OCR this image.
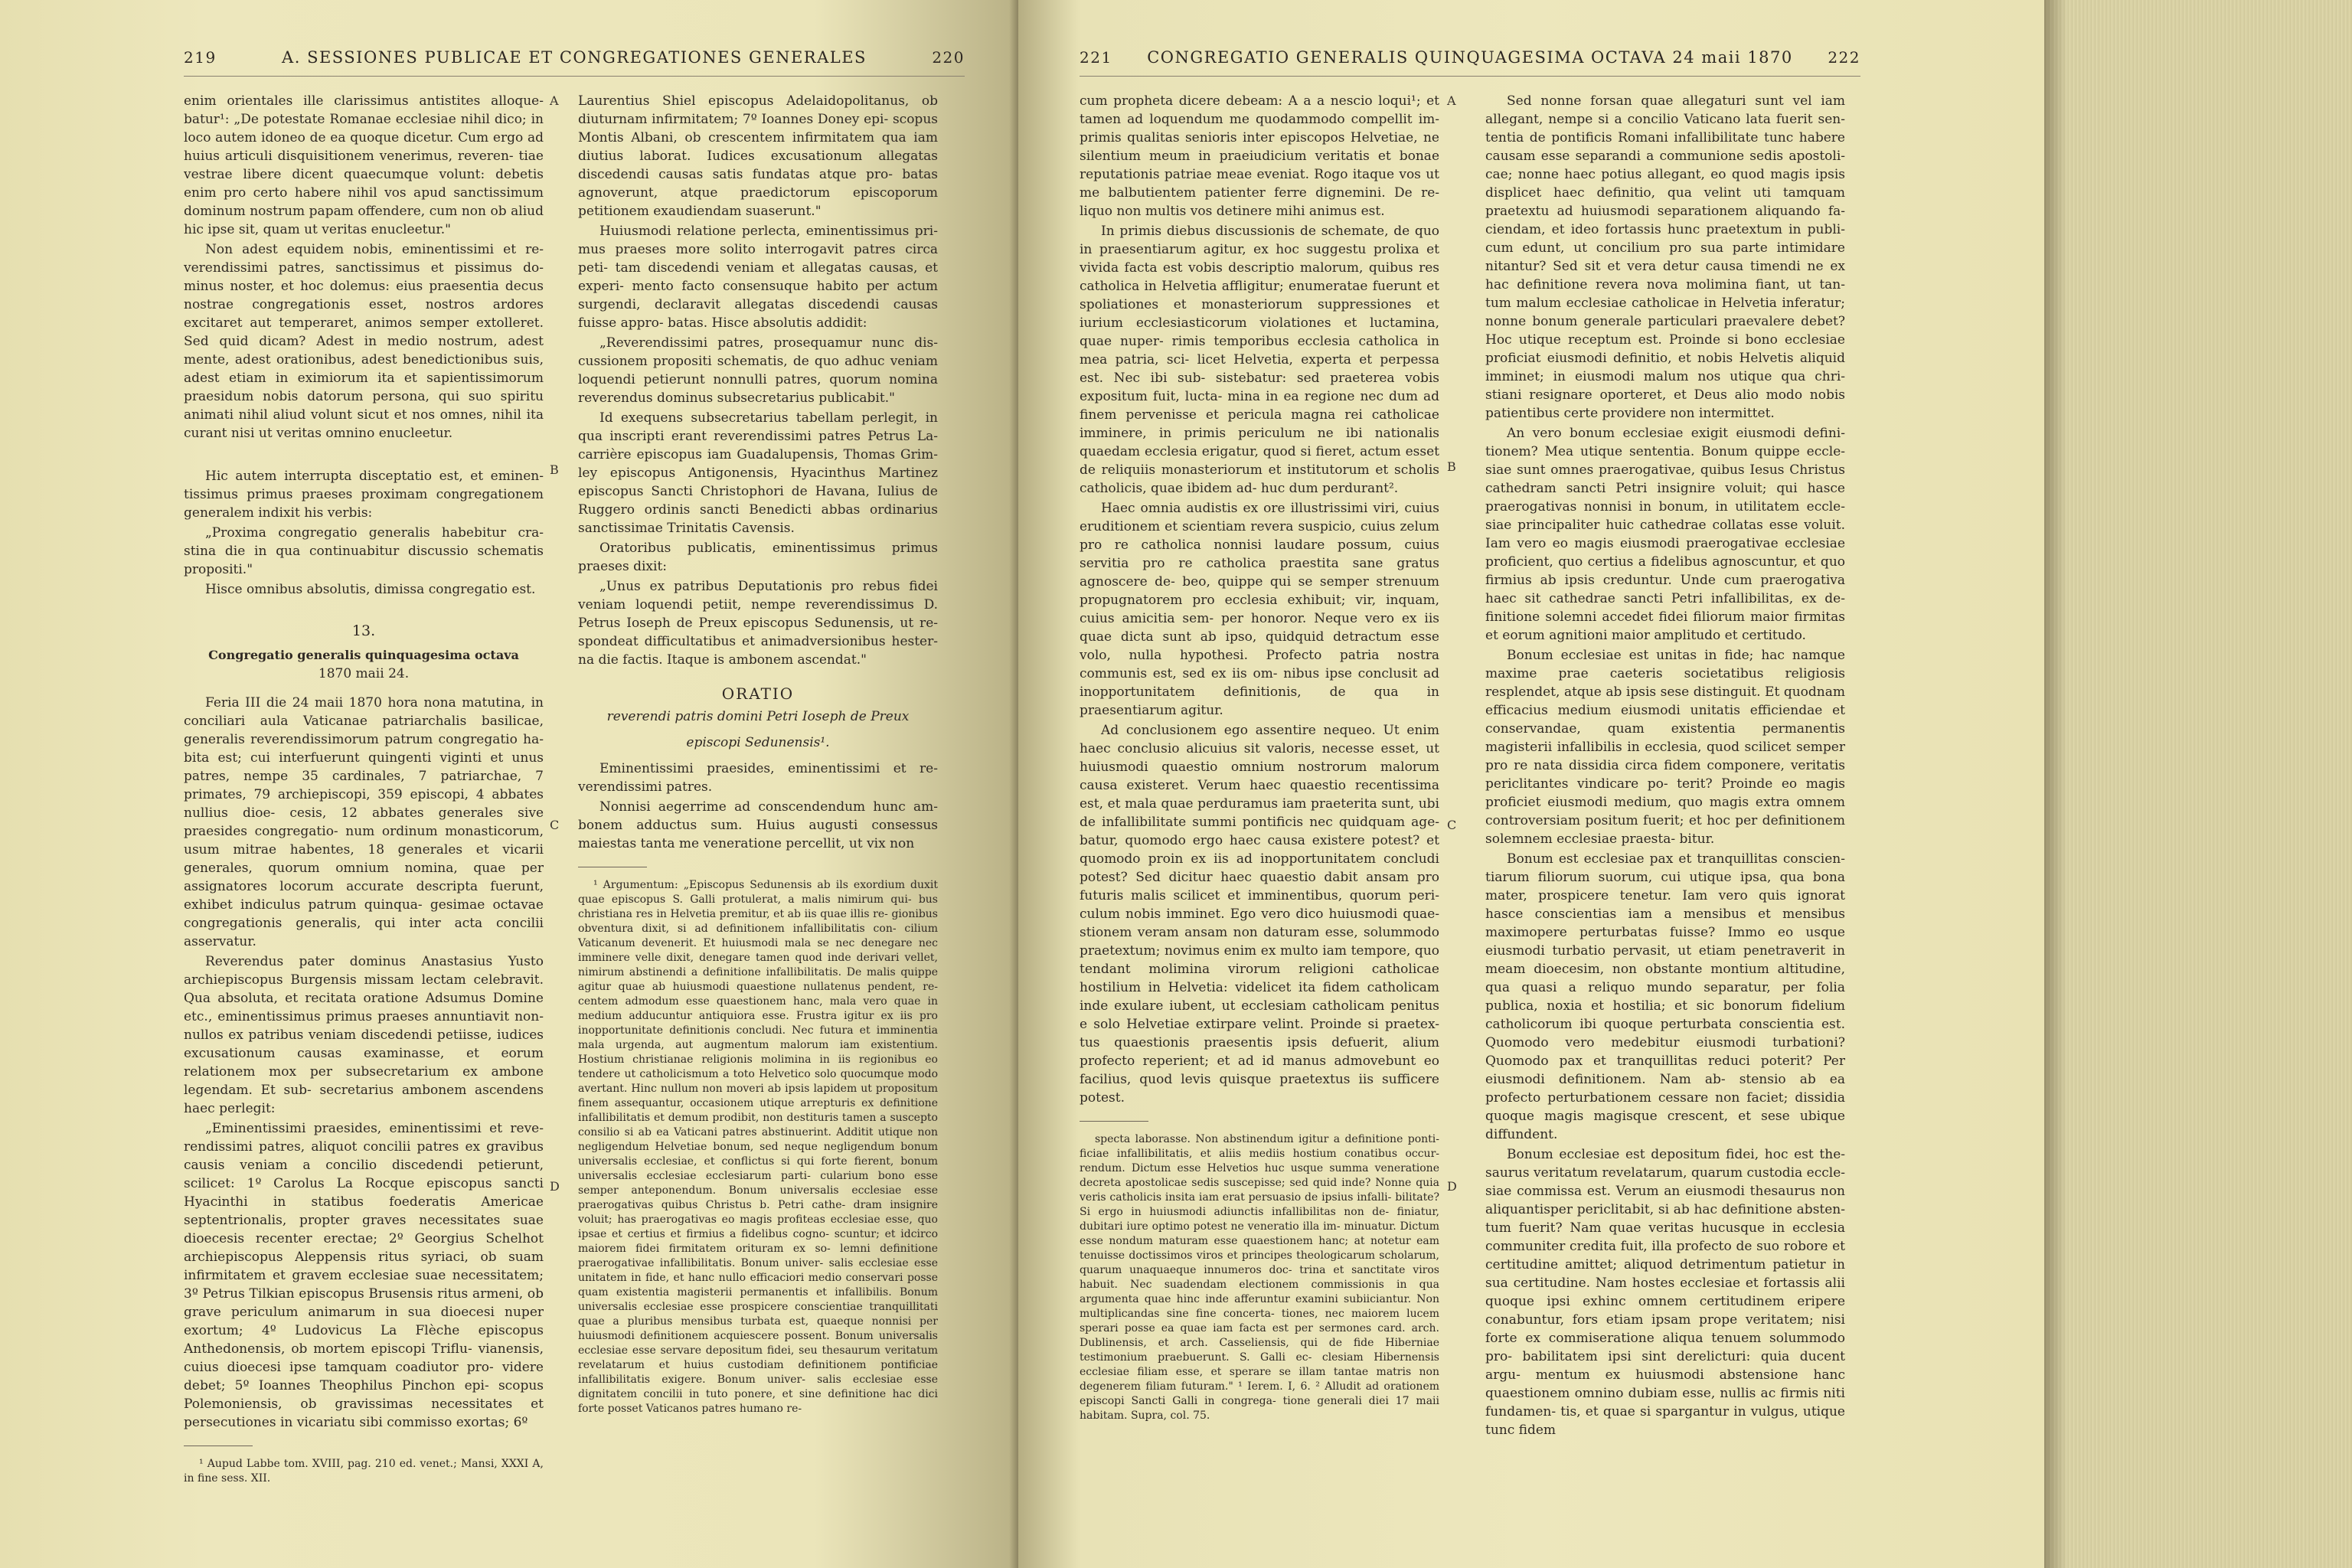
219	A. SESSIONES PUBLICAE ET CONGREGATIONES GENERALES	220

enim orientales ille clarissimus antistites alloque- batur¹: „De potestate Romanae ecclesiae nihil dico; in loco autem idoneo de ea quoque dicetur. Cum ergo ad huius articuli disquisitionem venerimus, reveren- tiae vestrae libere dicent quaecumque volunt: debetis enim pro certo habere nihil vos apud sanctissimum dominum nostrum papam offendere, cum non ob aliud hic ipse sit, quam ut veritas enucleetur."

Non adest equidem nobis, eminentissimi et re- verendissimi patres, sanctissimus et pissimus do- minus noster, et hoc dolemus: eius praesentia decus nostrae congregationis esset, nostros ardores excitaret aut temperaret, animos semper extolleret. Sed quid dicam? Adest in medio nostrum, adest mente, adest orationibus, adest benedictionibus suis, adest etiam in eximiorum ita et sapientissimorum praesidum nobis datorum persona, qui suo spiritu animati nihil aliud volunt sicut et nos omnes, nihil ita curant nisi ut veritas omnino enucleetur.

Hic autem interrupta disceptatio est, et eminen- tissimus primus praeses proximam congregationem generalem indixit his verbis:

„Proxima congregatio generalis habebitur cra- stina die in qua continuabitur discussio schematis propositi."

Hisce omnibus absolutis, dimissa congregatio est.

13.
Congregatio generalis quinquagesima octava
1870 maii 24.

Feria III die 24 maii 1870 hora nona matutina, in conciliari aula Vaticanae patriarchalis basilicae, generalis reverendissimorum patrum congregatio ha- bita est; cui interfuerunt quingenti viginti et unus patres, nempe 35 cardinales, 7 patriarchae, 7 primates, 79 archiepiscopi, 359 episcopi, 4 abbates nullius dioe- cesis, 12 abbates generales sive praesides congregatio- num ordinum monasticorum, usum mitrae habentes, 18 generales et vicarii generales, quorum omnium nomina, quae per assignatores locorum accurate descripta fuerunt, exhibet indiculus patrum quinqua- gesimae octavae congregationis generalis, qui inter acta concilii asservatur.

Reverendus pater dominus Anastasius Yusto archiepiscopus Burgensis missam lectam celebravit. Qua absoluta, et recitata oratione Adsumus Domine etc., eminentissimus primus praeses annuntiavit non- nullos ex patribus veniam discedendi petiisse, iudices excusationum causas examinasse, et eorum relationem mox per subsecretarium ex ambone legendam. Et sub- secretarius ambonem ascendens haec perlegit:

„Eminentissimi praesides, eminentissimi et reve- rendissimi patres, aliquot concilii patres ex gravibus causis veniam a concilio discedendi petierunt, scilicet: 1º Carolus La Rocque episcopus sancti Hyacinthi in statibus foederatis Americae septentrionalis, propter graves necessitates suae dioecesis recenter erectae; 2º Georgius Schelhot archiepiscopus Aleppensis ritus syriaci, ob suam infirmitatem et gravem ecclesiae suae necessitatem; 3º Petrus Tilkian episcopus Brusensis ritus armeni, ob grave periculum animarum in sua dioecesi nuper exortum; 4º Ludovicus La Flèche episcopus Anthedonensis, ob mortem episcopi Triflu- vianensis, cuius dioecesi ipse tamquam coadiutor pro- videre debet; 5º Ioannes Theophilus Pinchon epi- scopus Polemoniensis, ob gravissimas necessitates et persecutiones in vicariatu sibi commisso exortas; 6º

¹ Aupud Labbe tom. XVIII, pag. 210 ed. venet.; Mansi, XXXI A, in fine sess. XII.

Laurentius Shiel episcopus Adelaidopolitanus, ob diuturnam infirmitatem; 7º Ioannes Doney epi- scopus Montis Albani, ob crescentem infirmitatem qua iam diutius laborat. Iudices excusationum allegatas discedendi causas satis fundatas atque pro- batas agnoverunt, atque praedictorum episcoporum petitionem exaudiendam suaserunt."

Huiusmodi relatione perlecta, eminentissimus pri- mus praeses more solito interrogavit patres circa peti- tam discedendi veniam et allegatas causas, et experi- mento facto consensuque habito per actum surgendi, declaravit allegatas discedendi causas fuisse appro- batas. Hisce absolutis addidit:

„Reverendissimi patres, prosequamur nunc dis- cussionem propositi schematis, de quo adhuc veniam loquendi petierunt nonnulli patres, quorum nomina reverendus dominus subsecretarius publicabit."

Id exequens subsecretarius tabellam perlegit, in qua inscripti erant reverendissimi patres Petrus La- carrière episcopus iam Guadalupensis, Thomas Grim- ley episcopus Antigonensis, Hyacinthus Martinez episcopus Sancti Christophori de Havana, Iulius de Ruggero ordinis sancti Benedicti abbas ordinarius sanctissimae Trinitatis Cavensis.

Oratoribus publicatis, eminentissimus primus praeses dixit:

„Unus ex patribus Deputationis pro rebus fidei veniam loquendi petiit, nempe reverendissimus D. Petrus Ioseph de Preux episcopus Sedunensis, ut re- spondeat difficultatibus et animadversionibus hester- na die factis. Itaque is ambonem ascendat."

ORATIO
reverendi patris domini Petri Ioseph de Preux
episcopi Sedunensis¹.

Eminentissimi praesides, eminentissimi et re- verendissimi patres.

Nonnisi aegerrime ad conscendendum hunc am- bonem adductus sum. Huius augusti consessus maiestas tanta me veneratione percellit, ut vix non

¹ Argumentum: „Episcopus Sedunensis ab ils exordium duxit quae episcopus S. Galli protulerat, a malis nimirum qui- bus christiana res in Helvetia premitur, et ab iis quae illis re- gionibus obventura dixit, si ad definitionem infallibilitatis con- cilium Vaticanum devenerit. Et huiusmodi mala se nec denegare nec imminere velle dixit, denegare tamen quod inde derivari vellet, nimirum abstinendi a definitione infallibilitatis. De malis quippe agitur quae ab huiusmodi quaestione nullatenus pendent, re- centem admodum esse quaestionem hanc, mala vero quae in medium adducuntur antiquiora esse. Frustra igitur ex iis pro inopportunitate definitionis concludi. Nec futura et imminentia mala urgenda, aut augmentum malorum iam existentium. Hostium christianae religionis molimina in iis regionibus eo tendere ut catholicismum a toto Helvetico solo quocumque modo avertant. Hinc nullum non moveri ab ipsis lapidem ut propositum finem assequantur, occasionem utique arrepturis ex definitione infallibilitatis et demum prodibit, non destituris tamen a suscepto consilio si ab ea Vaticani patres abstinuerint. Additit utique non negligendum Helvetiae bonum, sed neque negligendum bonum universalis ecclesiae, et conflictus si qui forte fierent, bonum universalis ecclesiae ecclesiarum parti- cularium bono esse semper anteponendum. Bonum universalis ecclesiae esse praerogativas quibus Christus b. Petri cathe- dram insignire voluit; has praerogativas eo magis profiteas ecclesiae esse, quo ipsae et certius et firmius a fidelibus cogno- scuntur; et idcirco maiorem fidei firmitatem orituram ex so- lemni definitione praerogativae infallibilitatis. Bonum univer- salis ecclesiae esse unitatem in fide, et hanc nullo efficaciori medio conservari posse quam existentia magisterii permanentis et infallibilis. Bonum universalis ecclesiae esse prospicere conscientiae tranquillitati quae a pluribus mensibus turbata est, quaeque nonnisi per huiusmodi definitionem acquiescere possent. Bonum universalis ecclesiae esse servare depositum fidei, seu thesaurum veritatum revelatarum et huius custodiam definitionem pontificiae infallibilitatis exigere. Bonum univer- salis ecclesiae esse dignitatem concilii in tuto ponere, et sine definitione hac dici forte posset Vaticanos patres humano re-

A
B
C
D
221	CONGREGATIO GENERALIS QUINQUAGESIMA OCTAVA 24 maii 1870	222

cum propheta dicere debeam: A a a nescio loqui¹; et tamen ad loquendum me quodammodo compellit im- primis qualitas senioris inter episcopos Helvetiae, ne silentium meum in praeiudicium veritatis et bonae reputationis patriae meae eveniat. Rogo itaque vos ut me balbutientem patienter ferre dignemini. De re- liquo non multis vos detinere mihi animus est.

In primis diebus discussionis de schemate, de quo in praesentiarum agitur, ex hoc suggestu prolixa et vivida facta est vobis descriptio malorum, quibus res catholica in Helvetia affligitur; enumeratae fuerunt et spoliationes et monasteriorum suppressiones et iurium ecclesiasticorum violationes et luctamina, quae nuper- rimis temporibus ecclesia catholica in mea patria, sci- licet Helvetia, experta et perpessa est. Nec ibi sub- sistebatur: sed praeterea vobis expositum fuit, lucta- mina in ea regione nec dum ad finem pervenisse et pericula magna rei catholicae imminere, in primis periculum ne ibi nationalis quaedam ecclesia erigatur, quod si fieret, actum esset de reliquiis monasteriorum et institutorum et scholis catholicis, quae ibidem ad- huc dum perdurant².

Haec omnia audistis ex ore illustrissimi viri, cuius eruditionem et scientiam revera suspicio, cuius zelum pro re catholica nonnisi laudare possum, cuius servitia pro re catholica praestita sane gratus agnoscere de- beo, quippe qui se semper strenuum propugnatorem pro ecclesia exhibuit; vir, inquam, cuius amicitia sem- per honoror. Neque vero ex iis quae dicta sunt ab ipso, quidquid detractum esse volo, nulla hypothesi. Profecto patria nostra communis est, sed ex iis om- nibus ipse conclusit ad inopportunitatem definitionis, de qua in praesentiarum agitur.

Ad conclusionem ego assentire nequeo. Ut enim haec conclusio alicuius sit valoris, necesse esset, ut huiusmodi quaestio omnium nostrorum malorum causa existeret. Verum haec quaestio recentissima est, et mala quae perduramus iam praeterita sunt, ubi de infallibilitate summi pontificis nec quidquam age- batur, quomodo ergo haec causa existere potest? et quomodo proin ex iis ad inopportunitatem concludi potest? Sed dicitur haec quaestio dabit ansam pro futuris malis scilicet et imminentibus, quorum peri- culum nobis imminet. Ego vero dico huiusmodi quae- stionem veram ansam non daturam esse, solummodo praetextum; novimus enim ex multo iam tempore, quo tendant molimina virorum religioni catholicae hostilium in Helvetia: videlicet ita fidem catholicam inde exulare iubent, ut ecclesiam catholicam penitus e solo Helvetiae extirpare velint. Proinde si praetex- tus quaestionis praesentis ipsis defuerit, alium profecto reperient; et ad id manus admovebunt eo facilius, quod levis quisque praetextus iis sufficere potest.

specta laborasse. Non abstinendum igitur a definitione ponti- ficiae infallibilitatis, et aliis mediis hostium conatibus occur- rendum. Dictum esse Helvetios huc usque summa veneratione decreta apostolicae sedis suscepisse; sed quid inde? Nonne quia veris catholicis insita iam erat persuasio de ipsius infalli- bilitate? Si ergo in huiusmodi adiunctis infallibilitas non de- finiatur, dubitari iure optimo potest ne veneratio illa im- minuatur. Dictum esse nondum maturam esse quaestionem hanc; at notetur eam tenuisse doctissimos viros et principes theologicarum scholarum, quarum unaquaeque innumeros doc- trina et sanctitate viros habuit. Nec suadendam electionem commissionis in qua argumenta quae hinc inde afferuntur examini subiiciantur. Non multiplicandas sine fine concerta- tiones, nec maiorem lucem sperari posse ea quae iam facta est per sermones card. arch. Dublinensis, et arch. Casseliensis, qui de fide Hiberniae testimonium praebuerunt. S. Galli ec- clesiam Hibernensis ecclesiae filiam esse, et sperare se illam tantae matris non degenerem filiam futuram." ¹ Ierem. I, 6. ² Alludit ad orationem episcopi Sancti Galli in congrega- tione generali diei 17 maii habitam. Supra, col. 75.

Sed nonne forsan quae allegaturi sunt vel iam allegant, nempe si a concilio Vaticano lata fuerit sen- tentia de pontificis Romani infallibilitate tunc habere causam esse separandi a communione sedis apostoli- cae; nonne haec potius allegant, eo quod magis ipsis displicet haec definitio, qua velint uti tamquam praetextu ad huiusmodi separationem aliquando fa- ciendam, et ideo fortassis hunc praetextum in publi- cum edunt, ut concilium pro sua parte intimidare nitantur? Sed sit et vera detur causa timendi ne ex hac definitione revera nova molimina fiant, ut tan- tum malum ecclesiae catholicae in Helvetia inferatur; nonne bonum generale particulari praevalere debet? Hoc utique receptum est. Proinde si bono ecclesiae proficiat eiusmodi definitio, et nobis Helvetis aliquid imminet; in eiusmodi malum nos utique qua chri- stiani resignare oporteret, et Deus alio modo nobis patientibus certe providere non intermittet.

An vero bonum ecclesiae exigit eiusmodi defini- tionem? Mea utique sententia. Bonum quippe eccle- siae sunt omnes praerogativae, quibus Iesus Christus cathedram sancti Petri insignire voluit; qui hasce praerogativas nonnisi in bonum, in utilitatem eccle- siae principaliter huic cathedrae collatas esse voluit. Iam vero eo magis eiusmodi praerogativae ecclesiae proficient, quo certius a fidelibus agnoscuntur, et quo firmius ab ipsis creduntur. Unde cum praerogativa haec sit cathedrae sancti Petri infallibilitas, ex de- finitione solemni accedet fidei filiorum maior firmitas et eorum agnitioni maior amplitudo et certitudo.

Bonum ecclesiae est unitas in fide; hac namque maxime prae caeteris societatibus religiosis resplendet, atque ab ipsis sese distinguit. Et quodnam efficacius medium eiusmodi unitatis efficiendae et conservandae, quam existentia permanentis magisterii infallibilis in ecclesia, quod scilicet semper pro re nata dissidia circa fidem componere, veritatis periclitantes vindicare po- terit? Proinde eo magis proficiet eiusmodi medium, quo magis extra omnem controversiam positum fuerit; et hoc per definitionem solemnem ecclesiae praesta- bitur.

Bonum est ecclesiae pax et tranquillitas conscien- tiarum filiorum suorum, cui utique ipsa, qua bona mater, prospicere tenetur. Iam vero quis ignorat hasce conscientias iam a mensibus et mensibus maximopere perturbatas fuisse? Immo eo usque eiusmodi turbatio pervasit, ut etiam penetraverit in meam dioecesim, non obstante montium altitudine, qua quasi a reliquo mundo separatur, per folia publica, noxia et hostilia; et sic bonorum fidelium catholicorum ibi quoque perturbata conscientia est. Quomodo vero medebitur eiusmodi turbationi? Quomodo pax et tranquillitas reduci poterit? Per eiusmodi definitionem. Nam ab- stensio ab ea profecto perturbationem cessare non faciet; dissidia quoque magis magisque crescent, et sese ubique diffundent.

Bonum ecclesiae est depositum fidei, hoc est the- saurus veritatum revelatarum, quarum custodia eccle- siae commissa est. Verum an eiusmodi thesaurus non aliquantisper periclitabit, si ab hac definitione absten- tum fuerit? Nam quae veritas hucusque in ecclesia communiter credita fuit, illa profecto de suo robore et certitudine amittet; aliquod detrimentum patietur in sua certitudine. Nam hostes ecclesiae et fortassis alii quoque ipsi exhinc omnem certitudinem eripere conabuntur, fors etiam ipsam prope veritatem; nisi forte ex commiseratione aliqua tenuem solummodo pro- babilitatem ipsi sint derelicturi: quia ducent argu- mentum ex huiusmodi abstensione hanc quaestionem omnino dubiam esse, nullis ac firmis niti fundamen- tis, et quae si spargantur in vulgus, utique tunc fidem

A
B
C
D
